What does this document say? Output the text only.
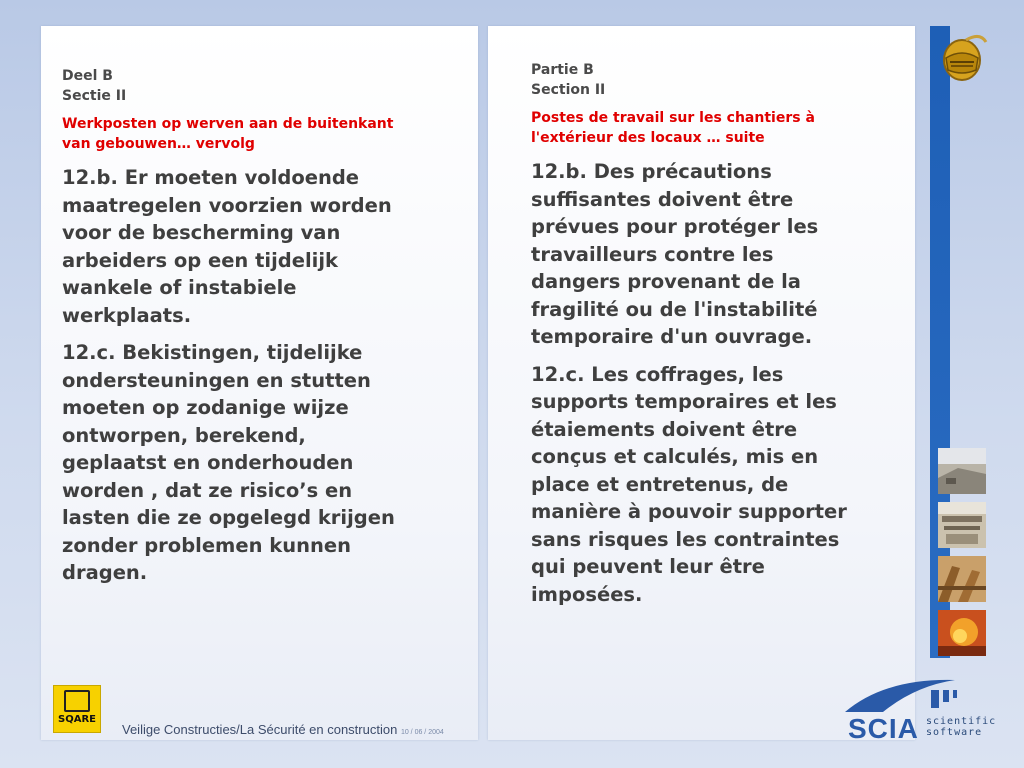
Deel B

Sectie II

Werkposten op werven aan de buitenkant van gebouwen… vervolg

12.b. Er moeten voldoende maatregelen voorzien worden voor de bescherming van arbeiders op een tijdelijk wankele of instabiele werkplaats.

12.c. Bekistingen, tijdelijke ondersteuningen en stutten moeten op zodanige wijze ontworpen, berekend, geplaatst en onderhouden worden , dat ze risico’s en lasten die ze opgelegd krijgen zonder problemen kunnen dragen.

Partie B

Section II

Postes de travail sur les chantiers à l'extérieur des locaux … suite

12.b. Des précautions suffisantes doivent être prévues pour protéger les travailleurs contre les dangers provenant de la fragilité ou de l'instabilité temporaire d'un ouvrage.

12.c. Les coffrages, les supports temporaires et les étaiements doivent être conçus et calculés, mis en place et entretenus, de manière à pouvoir supporter sans risques les contraintes qui peuvent leur être imposées.

SQARE
Veilige Constructies/La Sécurité en construction 10 / 06 / 2004	SCIA scientific
software
